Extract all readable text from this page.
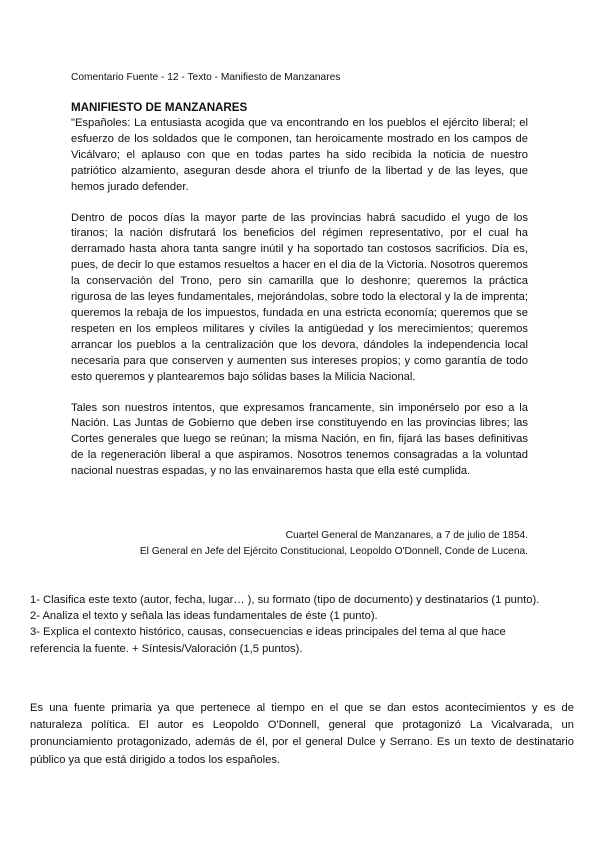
Comentario Fuente - 12 - Texto - Manifiesto de Manzanares
MANIFIESTO DE MANZANARES

"Españoles: La entusiasta acogida que va encontrando en los pueblos el ejército liberal; el esfuerzo de los soldados que le componen, tan heroicamente mostrado en los campos de Vicálvaro; el aplauso con que en todas partes ha sido recibida la noticia de nuestro patriótico alzamiento, aseguran desde ahora el triunfo de la libertad y de las leyes, que hemos jurado defender.

Dentro de pocos días la mayor parte de las provincias habrá sacudido el yugo de los tiranos; la nación disfrutará los beneficios del régimen representativo, por el cual ha derramado hasta ahora tanta sangre inútil y ha soportado tan costosos sacrificios. Día es, pues, de decir lo que estamos resueltos a hacer en el dia de la Victoria. Nosotros queremos la conservación del Trono, pero sin camarilla que lo deshonre; queremos la práctica rigurosa de las leyes fundamentales, mejorándolas, sobre todo la electoral y la de imprenta; queremos la rebaja de los impuestos, fundada en una estricta economía; queremos que se respeten en los empleos militares y civiles la antigüedad y los merecimientos; queremos arrancar los pueblos a la centralización que los devora, dándoles la independencia local necesaria para que conserven y aumenten sus intereses propios; y como garantía de todo esto queremos y plantearemos bajo sólidas bases la Milicia Nacional.

Tales son nuestros intentos, que expresamos francamente, sin imponérselo por eso a la Nación. Las Juntas de Gobierno que deben irse constituyendo en las provincias libres; las Cortes generales que luego se reúnan; la misma Nación, en fin, fijará las bases definitivas de la regeneración liberal a que aspiramos. Nosotros tenemos consagradas a la voluntad nacional nuestras espadas, y no las envainaremos hasta que ella esté cumplida.

Cuartel General de Manzanares, a 7 de julio de 1854.
El General en Jefe del Ejército Constitucional, Leopoldo O'Donnell, Conde de Lucena.
1- Clasifica este texto (autor, fecha, lugar… ), su formato (tipo de documento) y destinatarios (1 punto).
2- Analiza el texto y señala las ideas fundamentales de éste (1 punto).
3- Explica el contexto histórico, causas, consecuencias e ideas principales del tema al que hace
referencia la fuente. + Síntesis/Valoración (1,5 puntos).

Es una fuente primaria ya que pertenece al tiempo en el que se dan estos acontecimientos y es de naturaleza política. El autor es Leopoldo O'Donnell, general que protagonizó La Vicalvarada, un pronunciamiento protagonizado, además de él, por el general Dulce y Serrano. Es un texto de destinatario público ya que está dirigido a todos los españoles.
